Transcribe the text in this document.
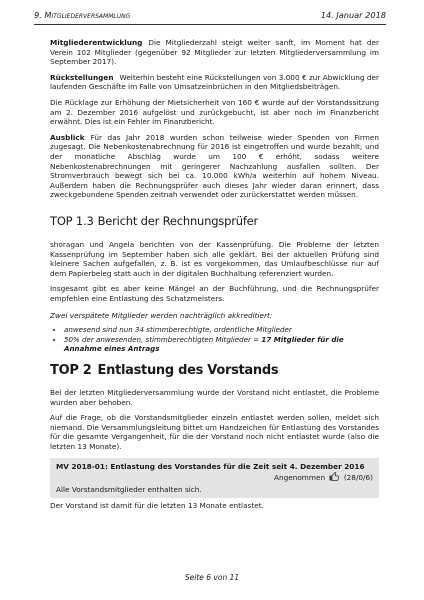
9. Mitgliederversammlung	14. Januar 2018

Mitgliederentwicklung Die Mitgliederzahl steigt weiter sanft, im Moment hat der Verein 102 Mitglieder (gegenüber 92 Mitglieder zur letzten Mitgliederversammlung im September 2017).

Rückstellungen Weiterhin besteht eine Rückstellungen von 3.000 € zur Abwicklung der laufenden Geschäfte im Falle von Umsatzeinbrüchen in den Mitgliedsbeiträgen.

Die Rücklage zur Erhöhung der Mietsicherheit von 160 € wurde auf der Vorstandssitzung am 2. Dezember 2016 aufgelöst und zurückgebucht, ist aber noch im Finanzbericht erwähnt. Dies ist ein Fehler im Finanzbericht.

Ausblick Für das Jahr 2018 wurden schon teilweise wieder Spenden von Firmen zugesagt. Die Nebenkostenabrechnung für 2016 ist eingetroffen und wurde bezahlt; und der monatliche Abschlag wurde um 100 € erhöht, sodass weitere Nebenkostenabrechnungen mit geringerer Nachzahlung ausfallen sollten. Der Stromverbrauch bewegt sich bei ca. 10.000 kWh/a weiterhin auf hohem Niveau. Außerdem haben die Rechnungsprüfer auch dieses Jahr wieder daran erinnert, dass zweckgebundene Spenden zeitnah verwendet oder zurückerstattet werden müssen.

TOP 1.3 Bericht der Rechnungsprüfer

shoragan und Angela berichten von der Kassenprüfung. Die Probleme der letzten Kassenprüfung im September haben sich alle geklärt. Bei der aktuellen Prüfung sind kleinere Sachen aufgefallen, z. B. ist es vorgekommen, das Umlaufbeschlüsse nur auf dem Papierbeleg statt auch in der digitalen Buchhaltung referenziert wurden.

Insgesamt gibt es aber keine Mängel an der Buchführung, und die Rechnungsprüfer empfehlen eine Entlastung des Schatzmeisters.

Zwei verspätete Mitglieder werden nachträglich akkreditiert:
• anwesend sind nun 34 stimmberechtigte, ordentliche Mitglieder
• 50% der anwesenden, stimmberechtigten Mitglieder = 17 Mitglieder für die Annahme eines Antrags
TOP 2 Entlastung des Vorstands

Bei der letzten Mitgliederversammlung wurde der Vorstand nicht entlastet, die Probleme wurden aber behoben.

Auf die Frage, ob die Vorstandsmitglieder einzeln entlastet werden sollen, meldet sich niemand. Die Versammlungsleitung bittet um Handzeichen für Entlastung des Vorstandes für die gesamte Vergangenheit, für die der Vorstand noch nicht entlastet wurde (also die letzten 13 Monate).

MV 2018-01: Entlastung des Vorstandes für die Zeit seit 4. Dezember 2016
Angenommen	(28/0/6)
Alle Vorstandsmitglieder enthalten sich.

Der Vorstand ist damit für die letzten 13 Monate entlastet.

Seite 6 von 11
